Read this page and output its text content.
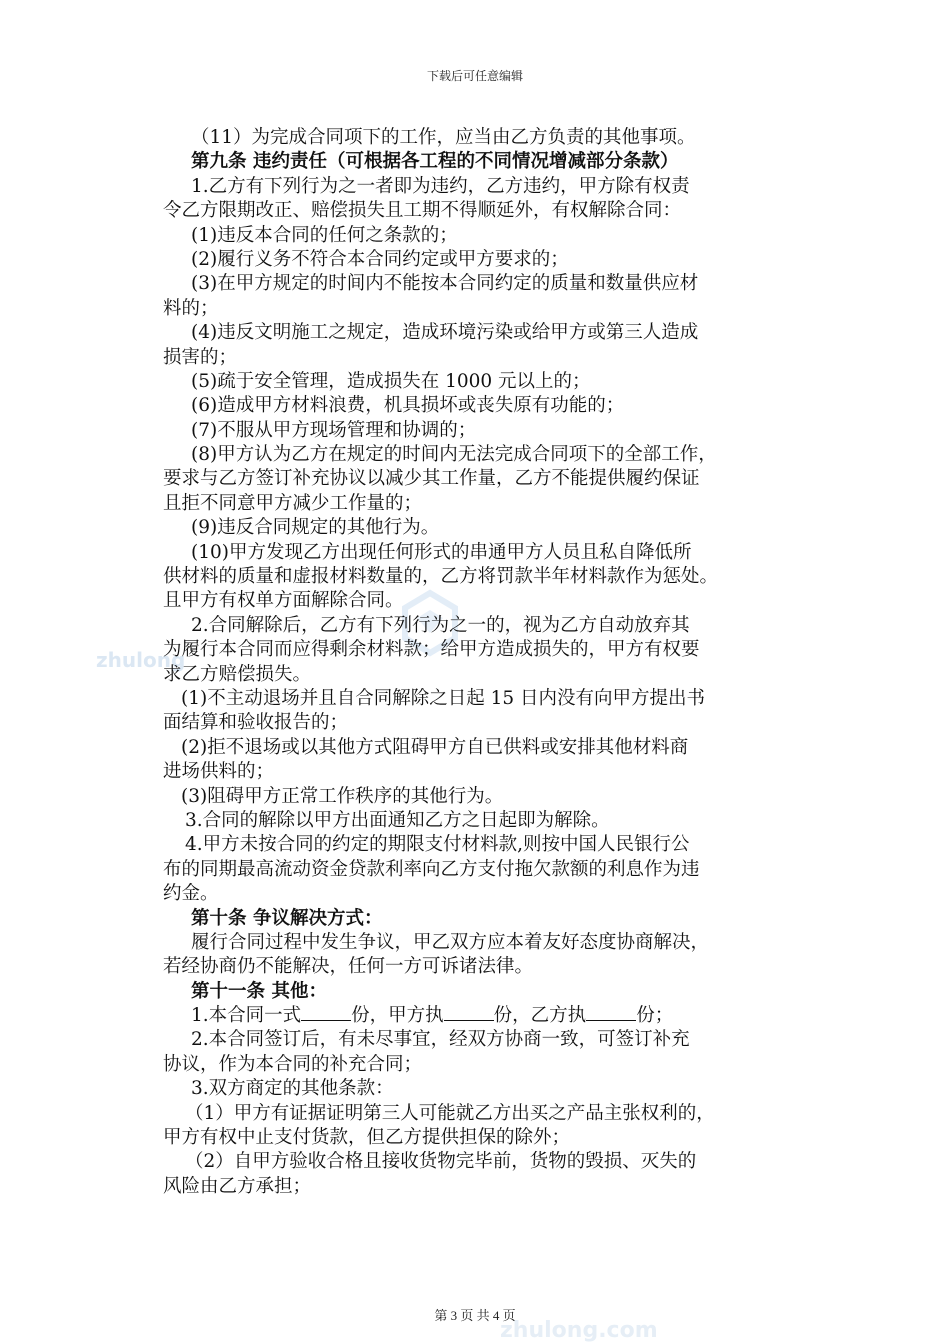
下载后可任意编辑
zhulong
（11）为完成合同项下的工作，应当由乙方负责的其他事项。
第九条 违约责任（可根据各工程的不同情况增减部分条款）
1.乙方有下列行为之一者即为违约，乙方违约，甲方除有权责
令乙方限期改正、赔偿损失且工期不得顺延外，有权解除合同：
(1)违反本合同的任何之条款的；
(2)履行义务不符合本合同约定或甲方要求的；
(3)在甲方规定的时间内不能按本合同约定的质量和数量供应材
料的；
(4)违反文明施工之规定，造成环境污染或给甲方或第三人造成
损害的；
(5)疏于安全管理，造成损失在 1000 元以上的；
(6)造成甲方材料浪费，机具损坏或丧失原有功能的；
(7)不服从甲方现场管理和协调的；
(8)甲方认为乙方在规定的时间内无法完成合同项下的全部工作，
要求与乙方签订补充协议以减少其工作量，乙方不能提供履约保证
且拒不同意甲方减少工作量的；
(9)违反合同规定的其他行为。
(10)甲方发现乙方出现任何形式的串通甲方人员且私自降低所
供材料的质量和虚报材料数量的，乙方将罚款半年材料款作为惩处。
且甲方有权单方面解除合同。
2.合同解除后，乙方有下列行为之一的，视为乙方自动放弃其
为履行本合同而应得剩余材料款；给甲方造成损失的，甲方有权要
求乙方赔偿损失。
(1)不主动退场并且自合同解除之日起 15 日内没有向甲方提出书
面结算和验收报告的；
(2)拒不退场或以其他方式阻碍甲方自已供料或安排其他材料商
进场供料的；
(3)阻碍甲方正常工作秩序的其他行为。
3.合同的解除以甲方出面通知乙方之日起即为解除。
4.甲方未按合同的约定的期限支付材料款,则按中国人民银行公
布的同期最高流动资金贷款利率向乙方支付拖欠款额的利息作为违
约金。
第十条 争议解决方式：
履行合同过程中发生争议，甲乙双方应本着友好态度协商解决，
若经协商仍不能解决，任何一方可诉诸法律。
第十一条 其他：
1.本合同一式	份，甲方执	份，乙方执	份；
2.本合同签订后，有未尽事宜，经双方协商一致，可签订补充
协议，作为本合同的补充合同；
3.双方商定的其他条款：
（1）甲方有证据证明第三人可能就乙方出买之产品主张权利的，
甲方有权中止支付货款，但乙方提供担保的除外；
（2）自甲方验收合格且接收货物完毕前，货物的毁损、灭失的
风险由乙方承担；
第 3 页 共 4 页
zhulong.com
